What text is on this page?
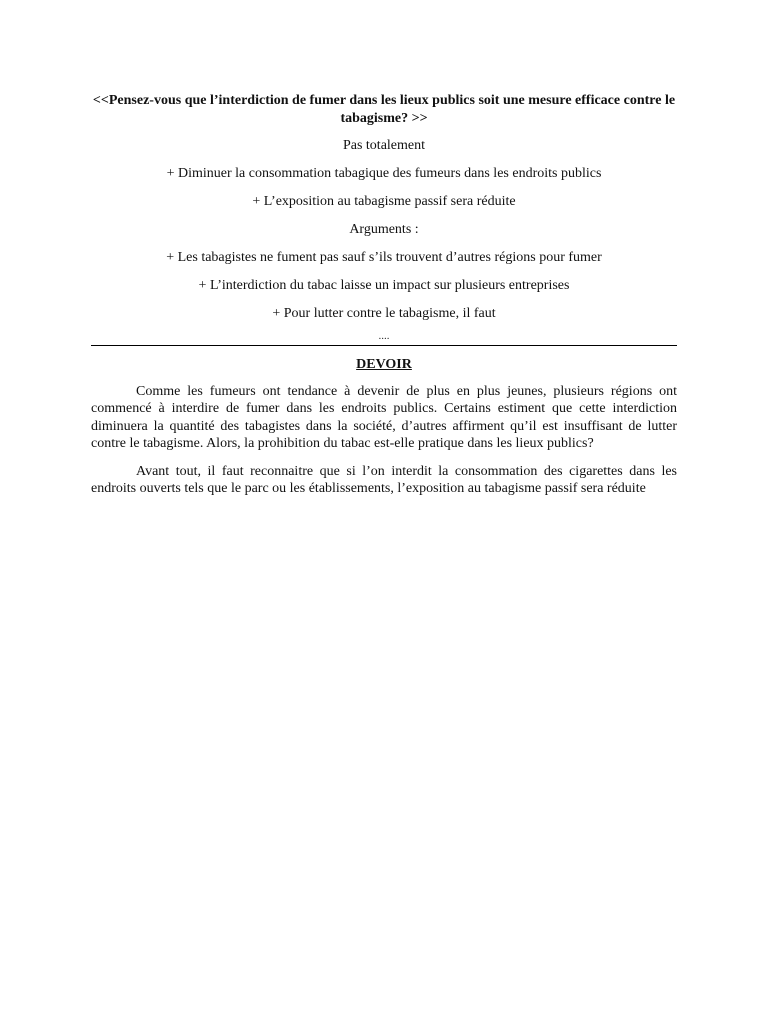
<<Pensez-vous que l’interdiction de fumer dans les lieux publics soit une mesure efficace contre le tabagisme? >>

Pas totalement

+ Diminuer la consommation tabagique des fumeurs dans les endroits publics

+ L’exposition au tabagisme passif sera réduite

Arguments :

+ Les tabagistes ne fument pas sauf s’ils trouvent d’autres régions pour fumer

+ L’interdiction du tabac laisse un impact sur plusieurs entreprises

+ Pour lutter contre le tabagisme, il faut

....

DEVOIR

Comme les fumeurs ont tendance à devenir de plus en plus jeunes, plusieurs régions ont commencé à interdire de fumer dans les endroits publics. Certains estiment que cette interdiction diminuera la quantité des tabagistes dans la société, d’autres affirment qu’il est insuffisant de lutter contre le tabagisme. Alors, la prohibition du tabac est-elle pratique dans les lieux publics?

Avant tout, il faut reconnaitre que si l’on interdit la consommation des cigarettes dans les endroits ouverts tels que le parc ou les établissements, l’exposition au tabagisme passif sera réduite
